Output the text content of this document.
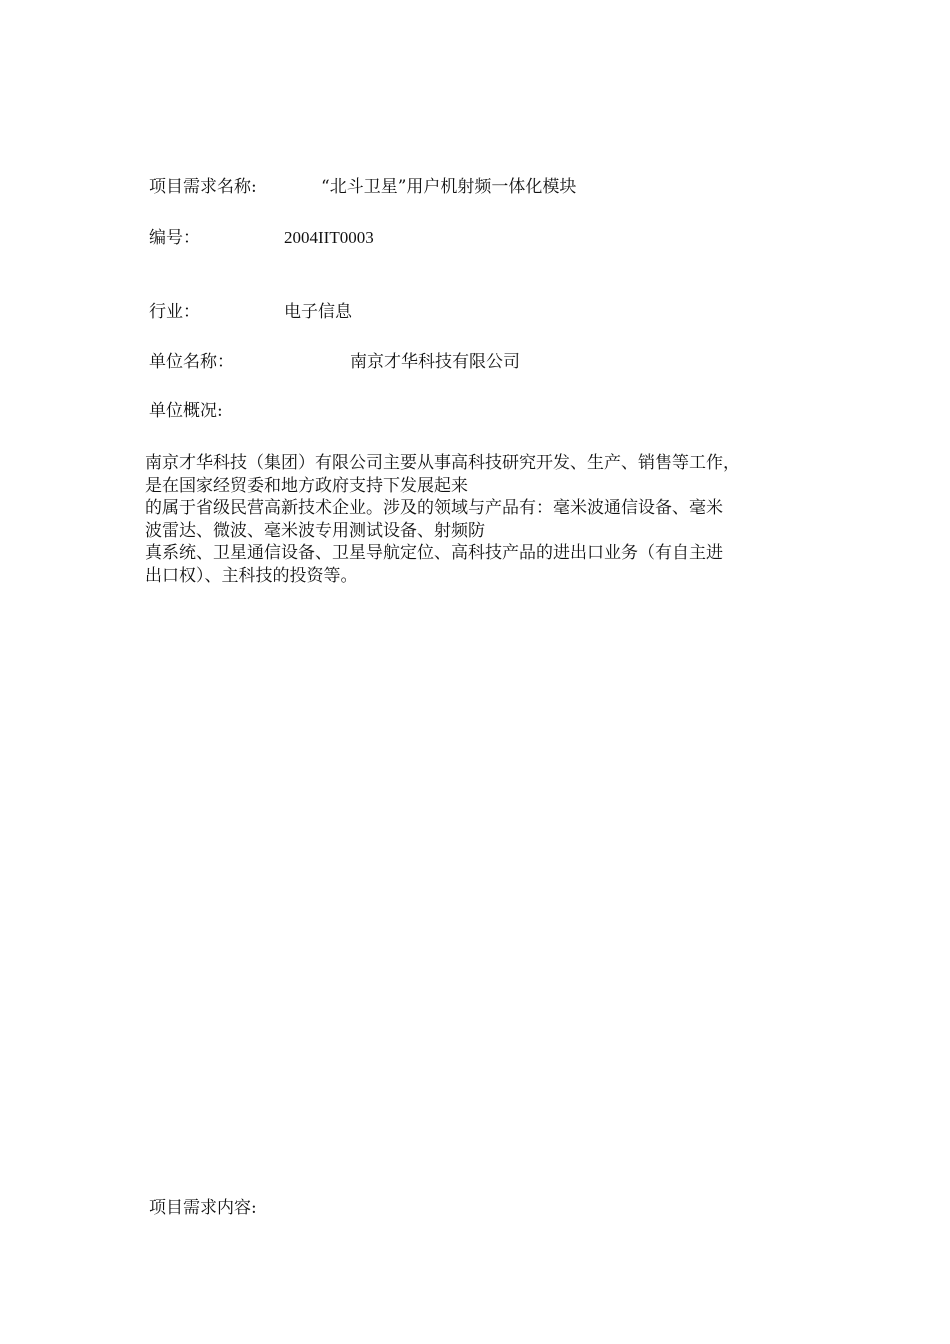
项目需求名称:	“北斗卫星”用户机射频一体化模块
编号：	2004IIT0003
行业：	电子信息
单位名称：	南京才华科技有限公司
单位概况:
南京才华科技（集团）有限公司主要从事高科技研究开发、生产、销售等工作，
是在国家经贸委和地方政府支持下发展起来
的属于省级民营高新技术企业。涉及的领域与产品有：毫米波通信设备、毫米
波雷达、微波、毫米波专用测试设备、射频防
真系统、卫星通信设备、卫星导航定位、高科技产品的进出口业务（有自主进
出口权）、主科技的投资等。
项目需求内容:
